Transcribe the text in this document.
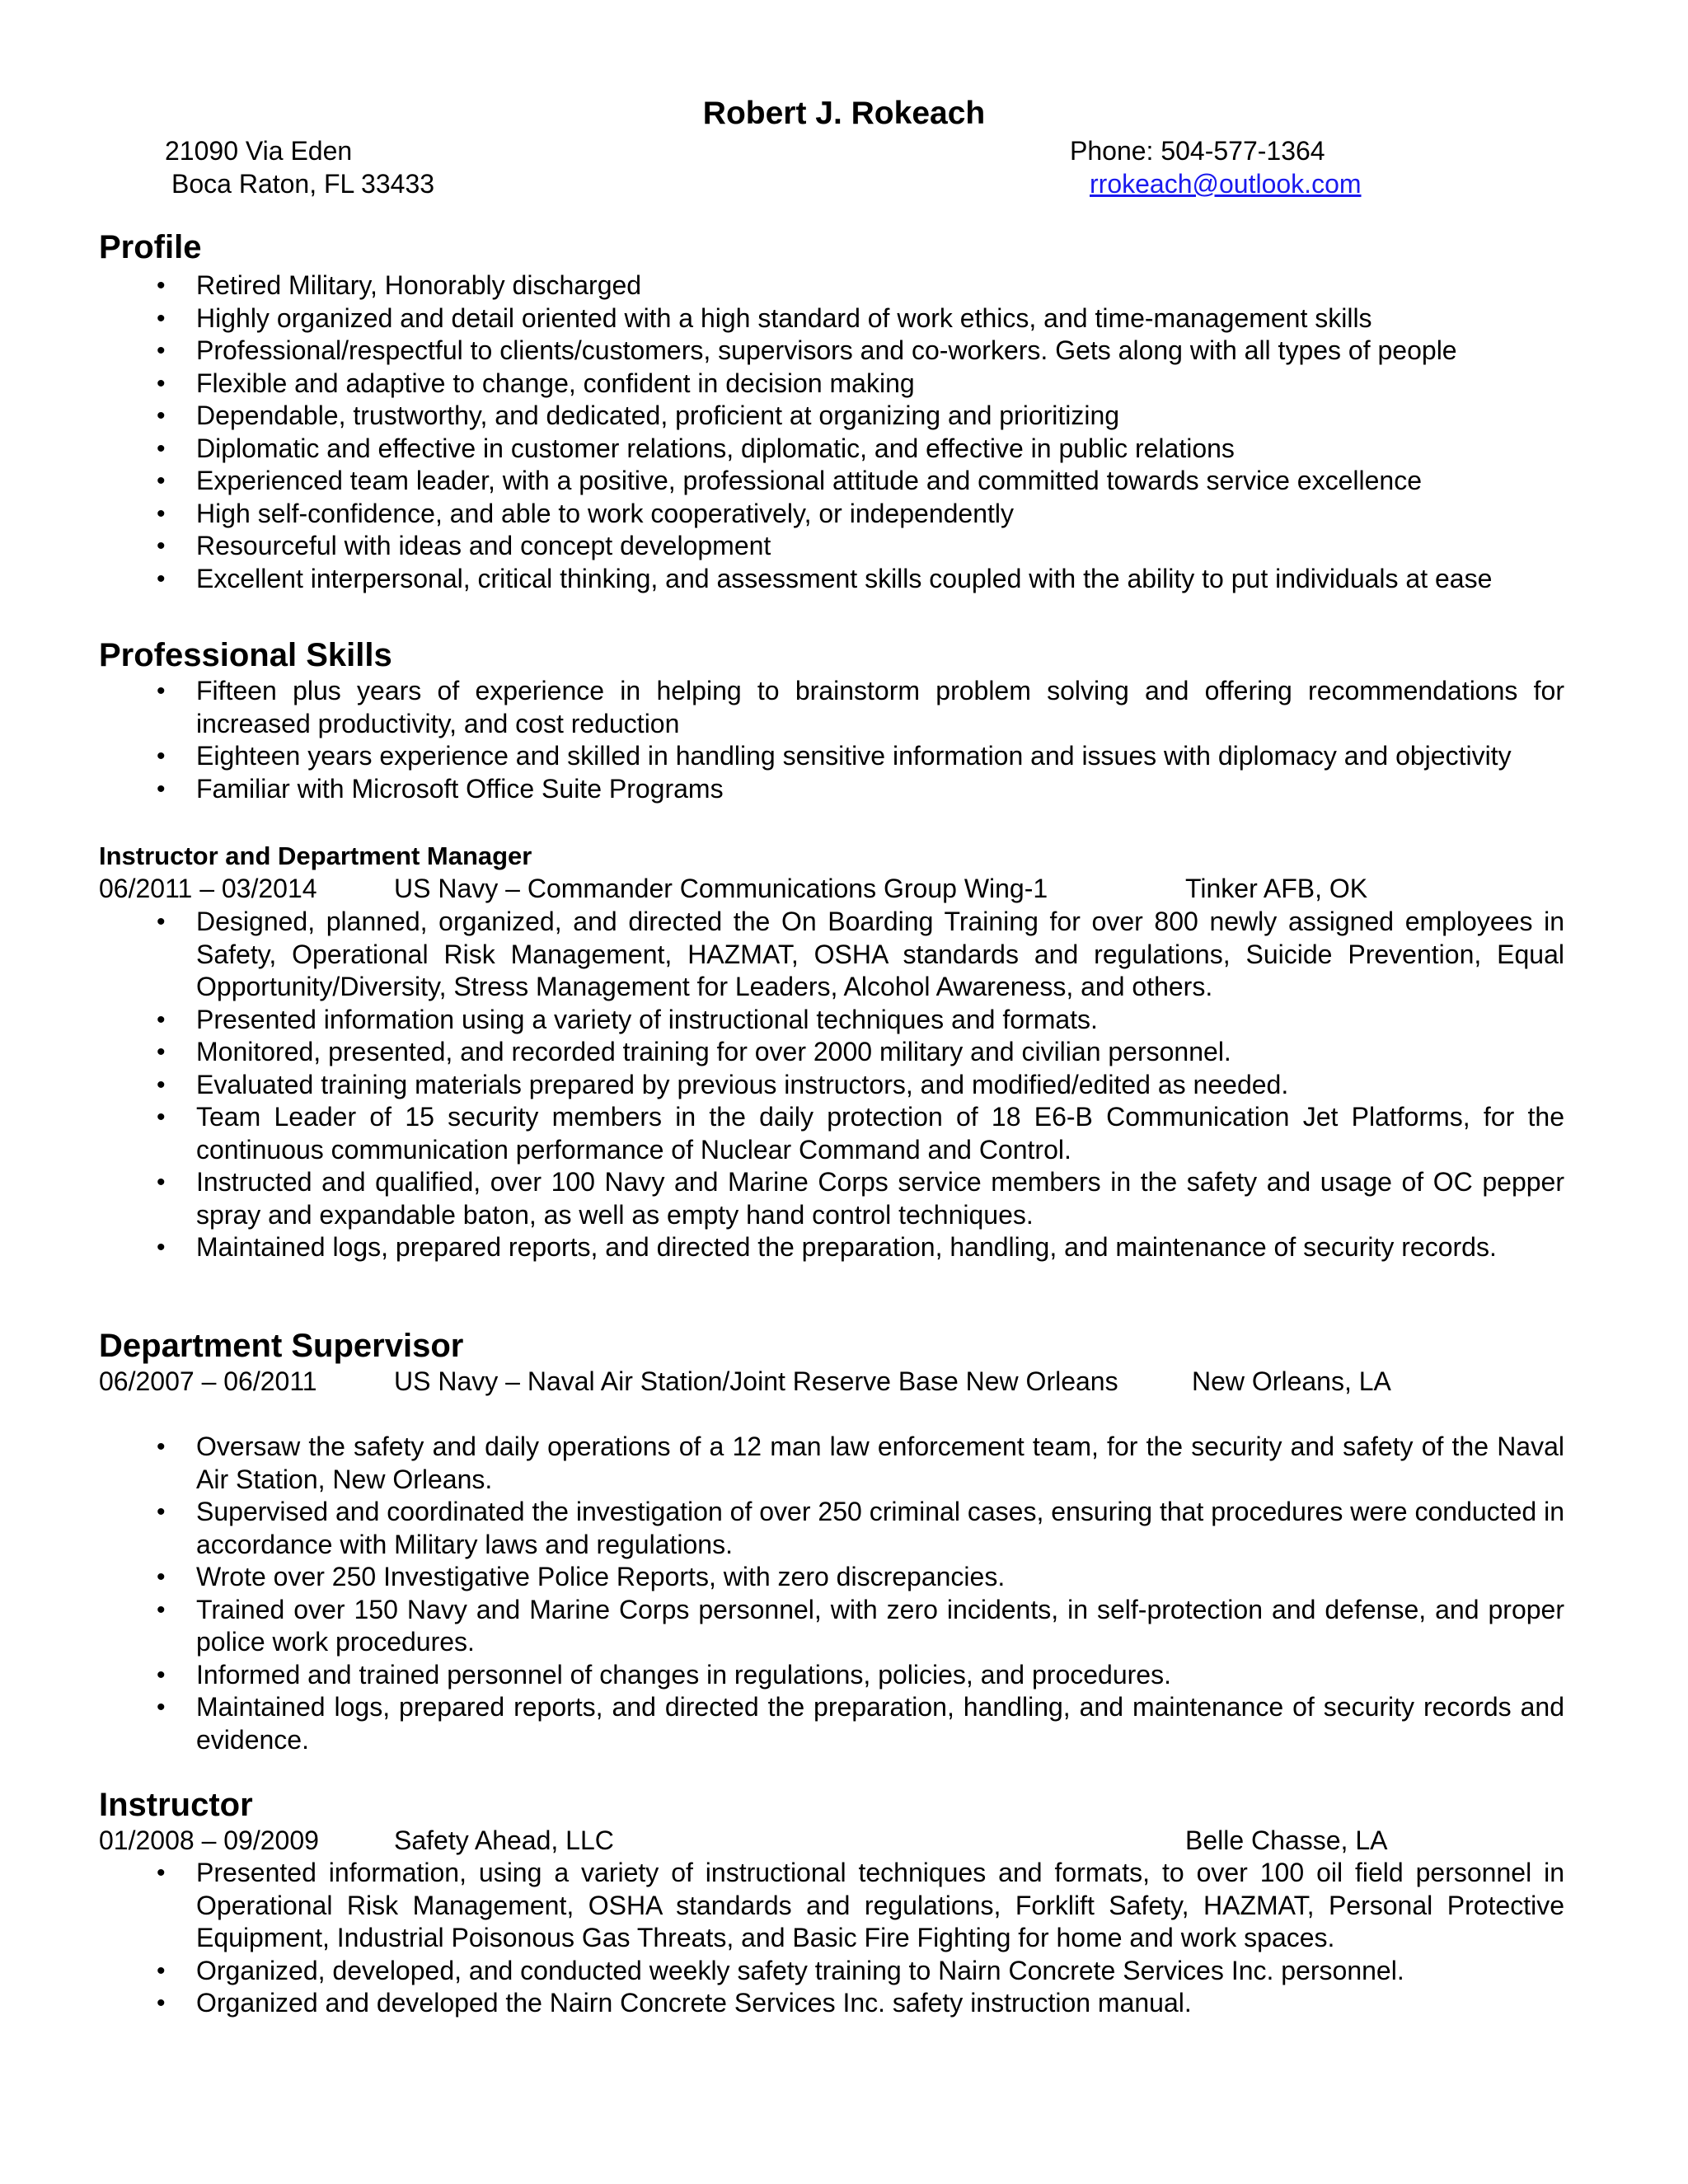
Robert J. Rokeach
21090 Via Eden
Boca Raton, FL 33433
Phone: 504-577-1364
rrokeach@outlook.com
Profile
• Retired Military, Honorably discharged
• Highly organized and detail oriented with a high standard of work ethics, and time-management skills
• Professional/respectful to clients/customers, supervisors and co-workers. Gets along with all types of people
• Flexible and adaptive to change, confident in decision making
• Dependable, trustworthy, and dedicated, proficient at organizing and prioritizing
• Diplomatic and effective in customer relations, diplomatic, and effective in public relations
• Experienced team leader, with a positive, professional attitude and committed towards service excellence
• High self-confidence, and able to work cooperatively, or independently
• Resourceful with ideas and concept development
• Excellent interpersonal, critical thinking, and assessment skills coupled with the ability to put individuals at ease
Professional Skills
• Fifteen plus years of experience in helping to brainstorm problem solving and offering recommendations for increased productivity, and cost reduction
• Eighteen years experience and skilled in handling sensitive information and issues with diplomacy and objectivity
• Familiar with Microsoft Office Suite Programs
Instructor and Department Manager
06/2011 – 03/2014	US Navy – Commander Communications Group Wing-1	Tinker AFB, OK
• Designed, planned, organized, and directed the On Boarding Training for over 800 newly assigned employees in Safety, Operational Risk Management, HAZMAT, OSHA standards and regulations, Suicide Prevention, Equal Opportunity/Diversity, Stress Management for Leaders, Alcohol Awareness, and others.
• Presented information using a variety of instructional techniques and formats.
• Monitored, presented, and recorded training for over 2000 military and civilian personnel.
• Evaluated training materials prepared by previous instructors, and modified/edited as needed.
• Team Leader of 15 security members in the daily protection of 18 E6-B Communication Jet Platforms, for the continuous communication performance of Nuclear Command and Control.
• Instructed and qualified, over 100 Navy and Marine Corps service members in the safety and usage of OC pepper spray and expandable baton, as well as empty hand control techniques.
• Maintained logs, prepared reports, and directed the preparation, handling, and maintenance of security records.
Department Supervisor
06/2007 – 06/2011	US Navy – Naval Air Station/Joint Reserve Base New Orleans	New Orleans, LA
• Oversaw the safety and daily operations of a 12 man law enforcement team, for the security and safety of the Naval Air Station, New Orleans.
• Supervised and coordinated the investigation of over 250 criminal cases, ensuring that procedures were conducted in accordance with Military laws and regulations.
• Wrote over 250 Investigative Police Reports, with zero discrepancies.
• Trained over 150 Navy and Marine Corps personnel, with zero incidents, in self-protection and defense, and proper police work procedures.
• Informed and trained personnel of changes in regulations, policies, and procedures.
• Maintained logs, prepared reports, and directed the preparation, handling, and maintenance of security records and evidence.
Instructor
01/2008 – 09/2009	Safety Ahead, LLC	Belle Chasse, LA
• Presented information, using a variety of instructional techniques and formats, to over 100 oil field personnel in Operational Risk Management, OSHA standards and regulations, Forklift Safety, HAZMAT, Personal Protective Equipment, Industrial Poisonous Gas Threats, and Basic Fire Fighting for home and work spaces.
• Organized, developed, and conducted weekly safety training to Nairn Concrete Services Inc. personnel.
• Organized and developed the Nairn Concrete Services Inc. safety instruction manual.
